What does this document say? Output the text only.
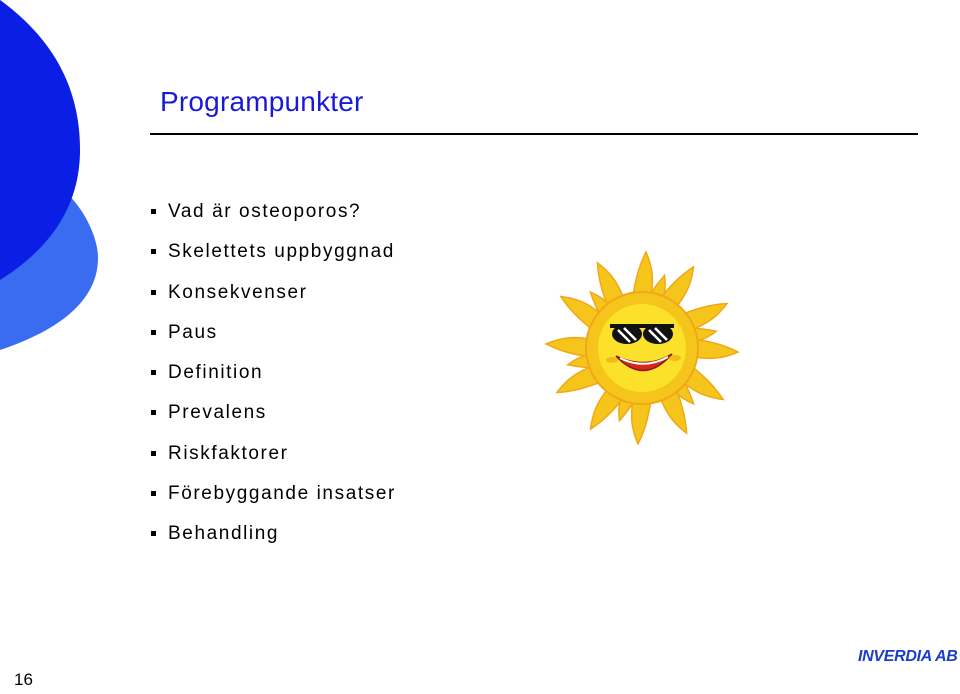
Programpunkter
Vad är osteoporos?
Skelettets uppbyggnad
Konsekvenser
Paus
Definition
Prevalens
Riskfaktorer
Förebyggande insatser
Behandling
16
INVERDIA AB
